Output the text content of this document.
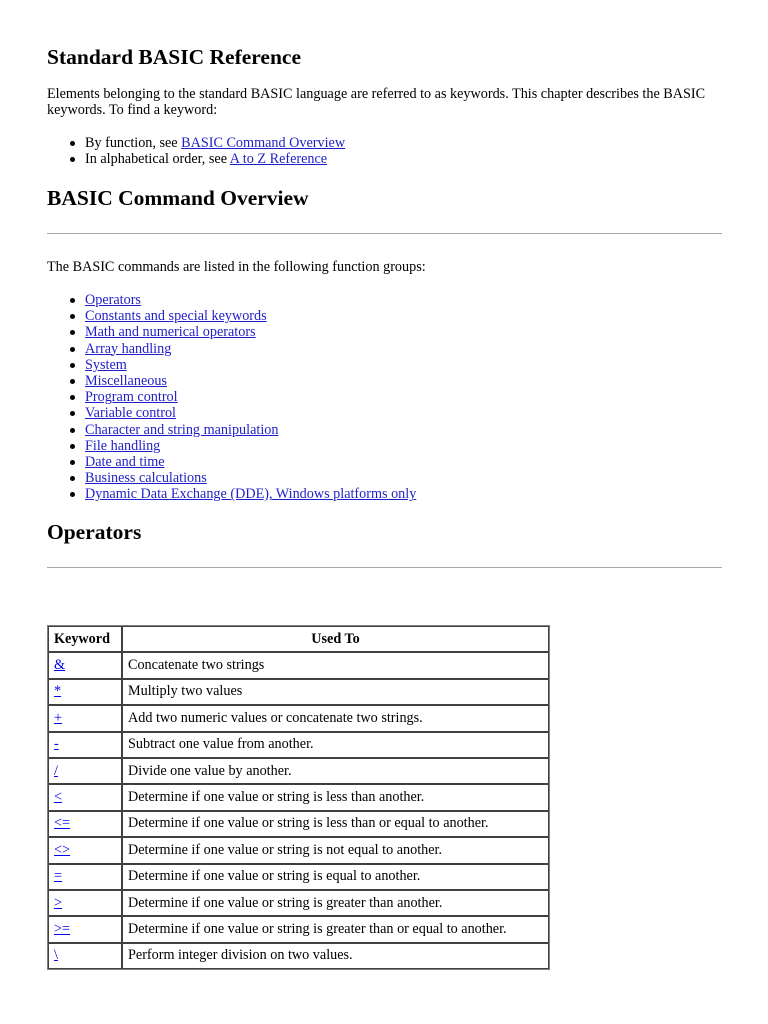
Standard BASIC Reference

Elements belonging to the standard BASIC language are referred to as keywords. This chapter describes the BASIC keywords. To find a keyword:

By function, see BASIC Command Overview
In alphabetical order, see A to Z Reference
BASIC Command Overview

The BASIC commands are listed in the following function groups:

Operators
Constants and special keywords
Math and numerical operators
Array handling
System
Miscellaneous
Program control
Variable control
Character and string manipulation
File handling
Date and time
Business calculations
Dynamic Data Exchange (DDE), Windows platforms only
Operators
Keyword	Used To
&	Concatenate two strings
*	Multiply two values
+	Add two numeric values or concatenate two strings.
-	Subtract one value from another.
/	Divide one value by another.
<	Determine if one value or string is less than another.
<=	Determine if one value or string is less than or equal to another.
<>	Determine if one value or string is not equal to another.
=	Determine if one value or string is equal to another.
>	Determine if one value or string is greater than another.
>=	Determine if one value or string is greater than or equal to another.
\	Perform integer division on two values.
